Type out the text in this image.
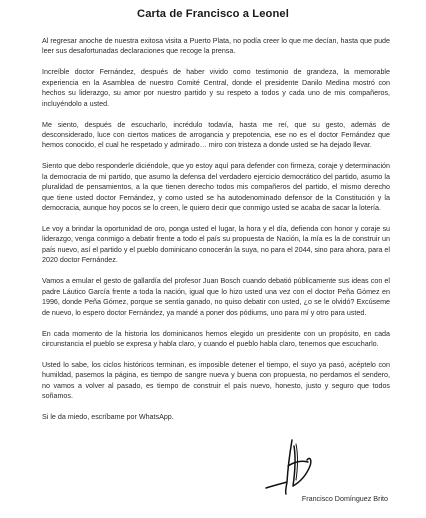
Carta de Francisco a Leonel

Al regresar anoche de nuestra exitosa visita a Puerto Plata, no podía creer lo que me decían, hasta que pude leer sus desafortunadas declaraciones que recoge la prensa.

Increíble doctor Fernández, después de haber vivido como testimonio de grandeza, la memorable experiencia en la Asamblea de nuestro Comité Central, donde el presidente Danilo Medina mostró con hechos su liderazgo, su amor por nuestro partido y su respeto a todos y cada uno de mis compañeros, incluyéndolo a usted.

Me siento, después de escucharlo, incrédulo todavía, hasta me reí, que su gesto, además de desconsiderado, luce con ciertos matices de arrogancia y prepotencia, ese no es el doctor Fernández que hemos conocido, el cual he respetado y admirado… miro con tristeza a donde usted se ha dejado llevar.

Siento que debo responderle diciéndole, que yo estoy aquí para defender con firmeza, coraje y determinación la democracia de mi partido, que asumo la defensa del verdadero ejercicio democrático del partido, asumo la pluralidad de pensamientos, a la que tienen derecho todos mis compañeros del partido, el mismo derecho que tiene usted doctor Fernández, y como usted se ha autodenominado defensor de la Constitución y la democracia, aunque hoy pocos se lo creen, le quiero decir que conmigo usted se acaba de sacar la lotería.

Le voy a brindar la oportunidad de oro, ponga usted el lugar, la hora y el día, defienda con honor y coraje su liderazgo, venga conmigo a debatir frente a todo el país su propuesta de Nación, la mía es la de construir un país nuevo, así el partido y el pueblo dominicano conocerán la suya, no para el 2044, sino para ahora, para el 2020 doctor Fernández.

Vamos a emular el gesto de gallardía del profesor Juan Bosch cuando debatió públicamente sus ideas con el padre Láutico García frente a toda la nación, igual que lo hizo usted una vez con el doctor Peña Gómez en 1996, donde Peña Gómez, porque se sentía ganado, no quiso debatir con usted, ¿o se le olvidó? Excúseme de nuevo, lo espero doctor Fernández, ya mandé a poner dos pódiums, uno para mí y otro para usted.

En cada momento de la historia los dominicanos hemos elegido un presidente con un propósito, en cada circunstancia el pueblo se expresa y habla claro, y cuando el pueblo habla claro, tenemos que escucharlo.

Usted lo sabe, los ciclos históricos terminan, es imposible detener el tiempo, el suyo ya pasó, acéptelo con humildad, pasemos la página, es tiempo de sangre nueva y buena con propuesta, no perdamos el sendero, no vamos a volver al pasado, es tiempo de construir el país nuevo, honesto, justo y seguro que todos soñamos.

Si le da miedo, escríbame por WhatsApp.

Francisco Domínguez Brito
